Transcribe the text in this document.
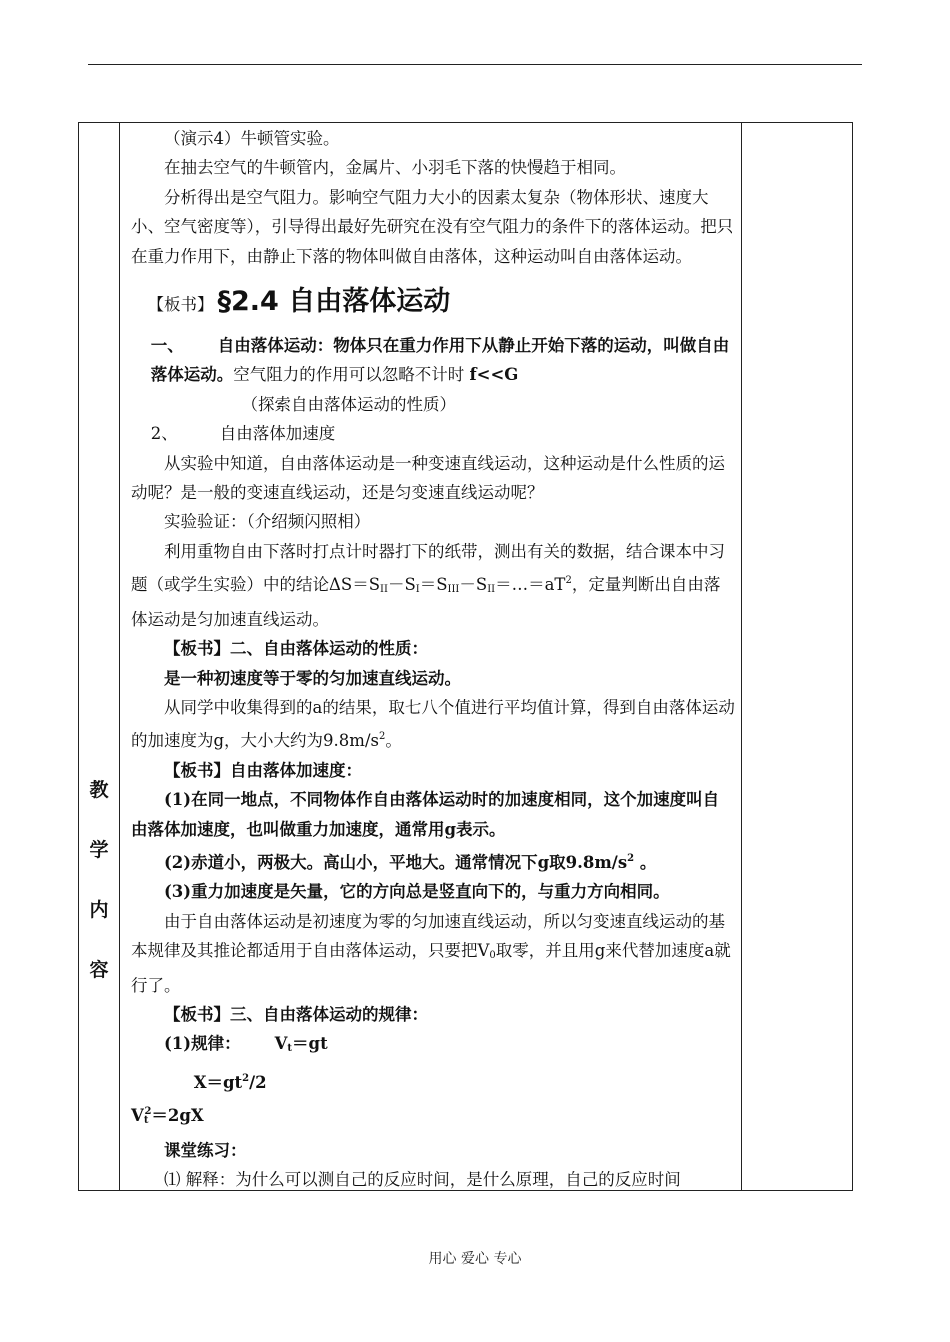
教
学
内
容

（演示4）牛顿管实验。

在抽去空气的牛顿管内，金属片、小羽毛下落的快慢趋于相同。

分析得出是空气阻力。影响空气阻力大小的因素太复杂（物体形状、速度大小、空气密度等），引导得出最好先研究在没有空气阻力的条件下的落体运动。把只在重力作用下，由静止下落的物体叫做自由落体，这种运动叫自由落体运动。

【板书】 §2.4 自由落体运动

一、 自由落体运动：物体只在重力作用下从静止开始下落的运动，叫做自由落体运动。空气阻力的作用可以忽略不计时 f<<G

（探索自由落体运动的性质）

2、	自由落体加速度

从实验中知道，自由落体运动是一种变速直线运动，这种运动是什么性质的运动呢？是一般的变速直线运动，还是匀变速直线运动呢？

实验验证：（介绍频闪照相）

利用重物自由下落时打点计时器打下的纸带，测出有关的数据，结合课本中习题（或学生实验）中的结论$\Delta S=S_{II}-S_I=S_{III}-S_{II}=\dots=aT^2$，定量判断出自由落体运动是匀加速直线运动。

【板书】二、自由落体运动的性质：

是一种初速度等于零的匀加速直线运动。

从同学中收集得到的a的结果，取七八个值进行平均值计算，得到自由落体运动的加速度为g，大小大约为$9.8m/s^2$。

【板书】自由落体加速度：

(1)在同一地点，不同物体作自由落体运动时的加速度相同，这个加速度叫自由落体加速度，也叫做重力加速度，通常用g表示。

(2)赤道小，两极大。高山小，平地大。通常情况下g取$9.8m/s^2$ 。

(3)重力加速度是矢量，它的方向总是竖直向下的，与重力方向相同。

由于自由落体运动是初速度为零的匀加速直线运动，所以匀变速直线运动的基本规律及其推论都适用于自由落体运动，只要把$V_0$取零，并且用g来代替加速度a就行了。

【板书】三、自由落体运动的规律：

(1)规律： $V_t=gt$

$X=gt^2/2$

$V_t^2=2gX$

课堂练习：

⑴ 解释：为什么可以测自己的反应时间，是什么原理，自己的反应时间

用心 爱心 专心
